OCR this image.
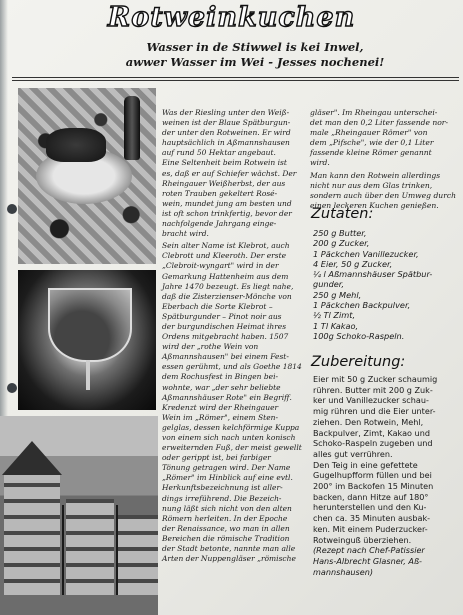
Rotweinkuchen
Wasser in de Stiwwel is kei Inwel,
awwer Wasser im Wei - Jesses nochenei!

Was der Riesling unter den Weiß-
weinen ist der Blaue Spätburgun-
der unter den Rotweinen. Er wird
hauptsächlich in Aßmannshausen
auf rund 50 Hektar angebaut.
Eine Seltenheit beim Rotwein ist
es, daß er auf Schiefer wächst. Der
Rheingauer Weißherbst, der aus
roten Trauben gekeltert Rosé-
wein, mundet jung am besten und
ist oft schon trinkfertig, bevor der
nachfolgende Jahrgang einge-
bracht wird.

Sein alter Name ist Klebrot, auch
Clebrott und Kleeroth. Der erste
„Clebroit-wyngart" wird in der
Gemarkung Hattenheim aus dem
Jahre 1470 bezeugt. Es liegt nahe,
daß die Zisterzienser-Mönche von
Eberbach die Sorte Klebrot –
Spätburgunder – Pinot noir aus
der burgundischen Heimat ihres
Ordens mitgebracht haben. 1507
wird der „rothe Wein von
Aßmannshausen" bei einem Fest-
essen gerühmt, und als Goethe 1814
dem Rochusfest in Bingen bei-
wohnte, war „der sehr beliebte
Aßmannshäuser Rote" ein Begriff.
Kredenzt wird der Rheingauer
Wein im „Römer", einem Sten-
gelglas, dessen kelchförmige Kuppa
von einem sich nach unten konisch
erweiternden Fuß, der meist gewellt
oder gerippt ist, bei farbiger
Tönung getragen wird. Der Name
„Römer" im Hinblick auf eine evtl.
Herkunftsbezeichnung ist aller-
dings irreführend. Die Bezeich-
nung läßt sich nicht von den alten
Römern herleiten. In der Epoche
der Renaissance, wo man in allen
Bereichen die römische Tradition
der Stadt betonte, nannte man alle
Arten der Nuppengläser „römische

gläser". Im Rheingau unterschei-
det man den 0,2 Liter fassende nor-
male „Rheingauer Römer" von
dem „Pifsche", wie der 0,1 Liter
fassende kleine Römer genannt
wird.

Man kann den Rotwein allerdings
nicht nur aus dem Glas trinken,
sondern auch über den Umweg durch
einen leckeren Kuchen genießen.

Zutaten:
250 g Butter,
200 g Zucker,
1 Päckchen Vanillezucker,
4 Eier, 50 g Zucker,
¼ l Aßmannshäuser Spätbur-
gunder,
250 g Mehl,
1 Päckchen Backpulver,
½ Tl Zimt,
1 Tl Kakao,
100g Schoko-Raspeln.
Zubereitung:
Eier mit 50 g Zucker schaumig
rühren. Butter mit 200 g Zuk-
ker und Vanillezucker schau-
mig rühren und die Eier unter-
ziehen. Den Rotwein, Mehl,
Backpulver, Zimt, Kakao und
Schoko-Raspeln zugeben und
alles gut verrühren.
Den Teig in eine gefettete
Gugelhupfform füllen und bei
200° im Backofen 15 Minuten
backen, dann Hitze auf 180°
herunterstellen und den Ku-
chen ca. 35 Minuten ausbak-
ken. Mit einem Puderzucker-
Rotweinguß überziehen.
(Rezept nach Chef-Patissier
Hans-Albrecht Glasner, Aß-
mannshausen)
